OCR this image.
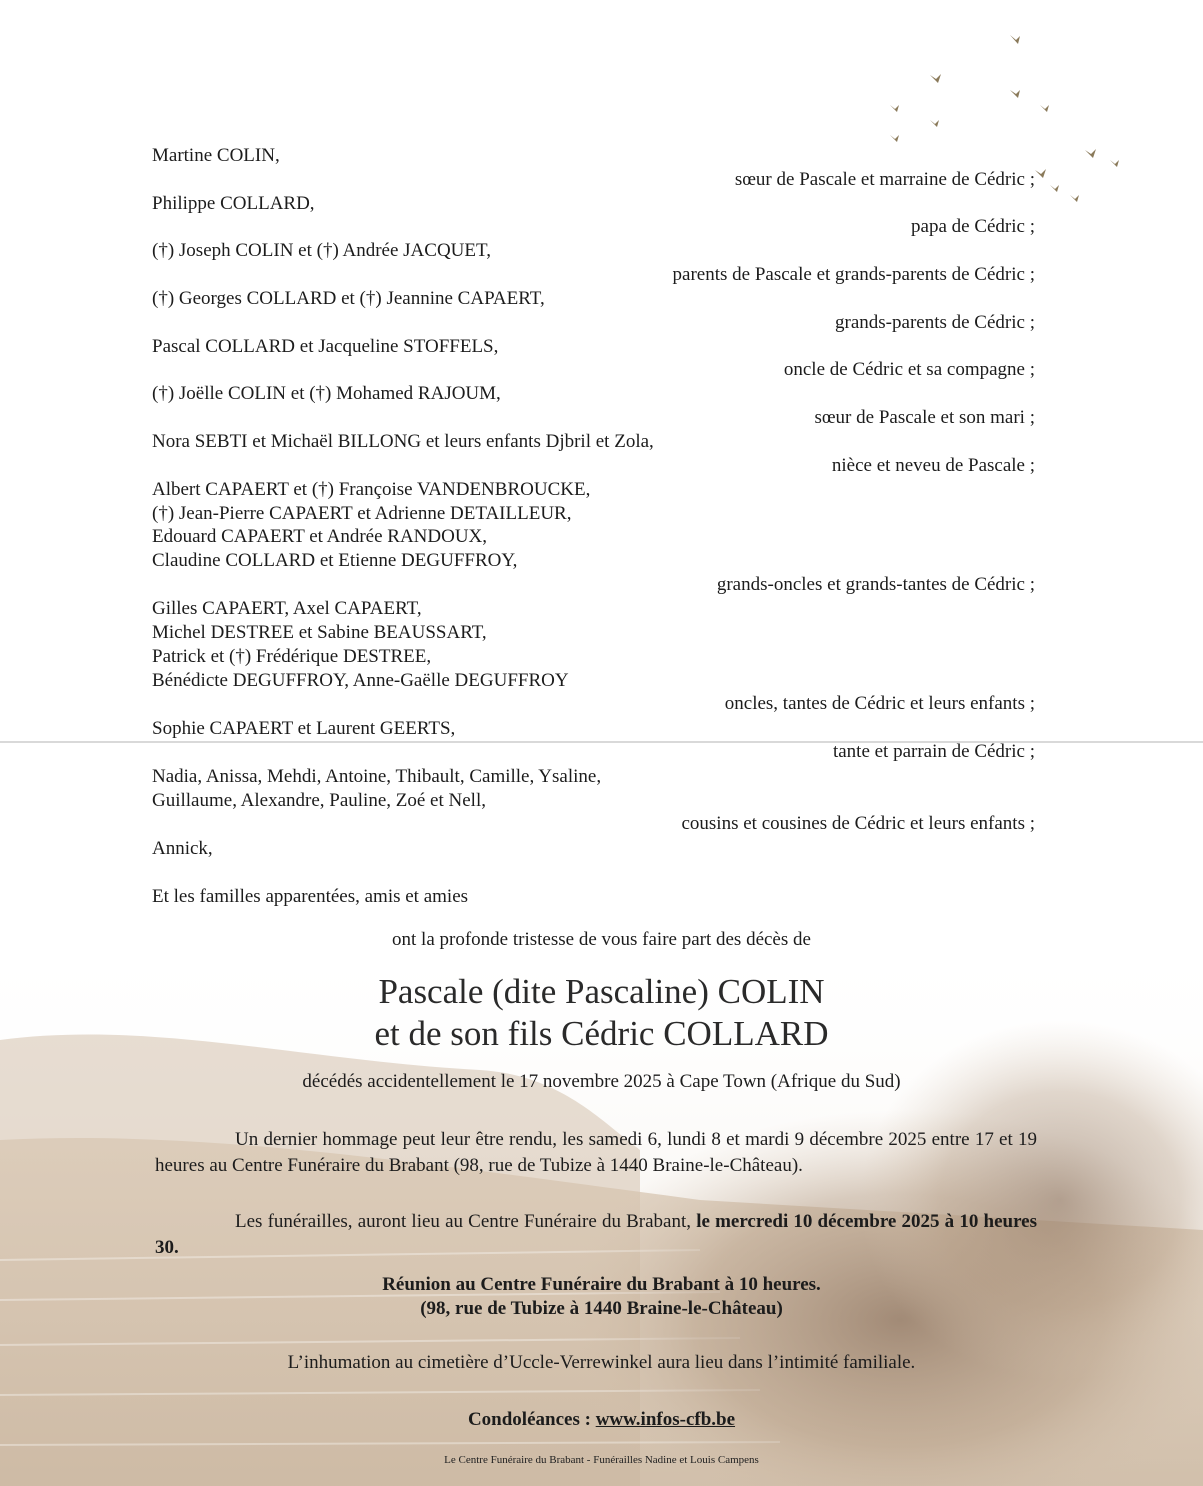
Martine COLIN,
sœur de Pascale et marraine de Cédric ;
Philippe COLLARD,
papa de Cédric ;
(†) Joseph COLIN et (†) Andrée JACQUET,
parents de Pascale et grands-parents de Cédric ;
(†) Georges COLLARD et (†) Jeannine CAPAERT,
grands-parents de Cédric ;
Pascal COLLARD et Jacqueline STOFFELS,
oncle de Cédric et sa compagne ;
(†) Joëlle COLIN et (†) Mohamed RAJOUM,
sœur de Pascale et son mari ;
Nora SEBTI et Michaël BILLONG et leurs enfants Djbril et Zola,
nièce et neveu de Pascale ;
Albert CAPAERT et (†) Françoise VANDENBROUCKE,
(†) Jean-Pierre CAPAERT et Adrienne DETAILLEUR,
Edouard CAPAERT et Andrée RANDOUX,
Claudine COLLARD et Etienne DEGUFFROY,
grands-oncles et grands-tantes de Cédric ;
Gilles CAPAERT, Axel CAPAERT,
Michel DESTREE et Sabine BEAUSSART,
Patrick et (†) Frédérique DESTREE,
Bénédicte DEGUFFROY, Anne-Gaëlle DEGUFFROY
oncles, tantes de Cédric et leurs enfants ;
Sophie CAPAERT et Laurent GEERTS,
tante et parrain de Cédric ;
Nadia, Anissa, Mehdi, Antoine, Thibault, Camille, Ysaline,
Guillaume, Alexandre, Pauline, Zoé et Nell,
cousins et cousines de Cédric et leurs enfants ;
Annick,
Et les familles apparentées, amis et amies
ont la profonde tristesse de vous faire part des décès de
Pascale (dite Pascaline) COLIN
et de son fils Cédric COLLARD
décédés accidentellement le 17 novembre 2025 à Cape Town (Afrique du Sud)
Un dernier hommage peut leur être rendu, les samedi 6, lundi 8 et mardi 9 décembre 2025 entre 17 et 19 heures au Centre Funéraire du Brabant (98, rue de Tubize à 1440 Braine-le-Château).
Les funérailles, auront lieu au Centre Funéraire du Brabant, le mercredi 10 décembre 2025 à 10 heures 30.
Réunion au Centre Funéraire du Brabant à 10 heures.
(98, rue de Tubize à 1440 Braine-le-Château)
L’inhumation au cimetière d’Uccle-Verrewinkel aura lieu dans l’intimité familiale.
Condoléances : www.infos-cfb.be
Le Centre Funéraire du Brabant - Funérailles Nadine et Louis Campens
